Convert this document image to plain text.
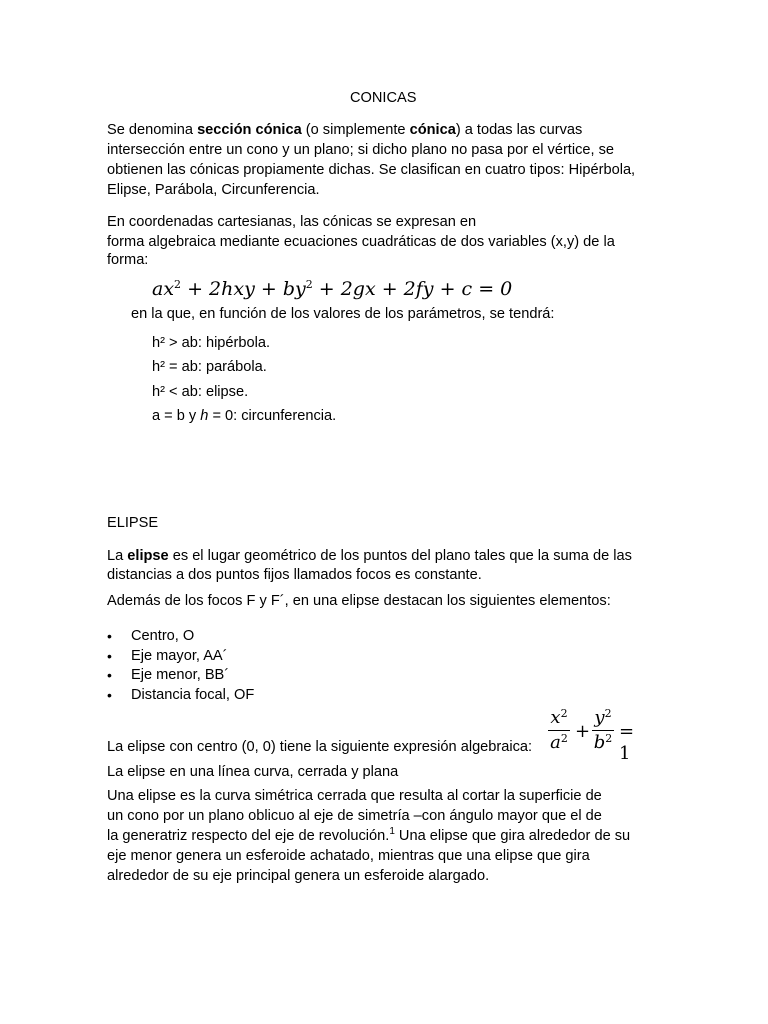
CONICAS
Se denomina sección cónica (o simplemente cónica) a todas las curvas
intersección entre un cono y un plano; si dicho plano no pasa por el vértice, se
obtienen las cónicas propiamente dichas. Se clasifican en cuatro tipos: Hipérbola,
Elipse, Parábola, Circunferencia.
En coordenadas cartesianas, las cónicas se expresan en
forma algebraica mediante ecuaciones cuadráticas de dos variables (x,y) de la
forma:
$ax^2 + 2hxy + by^2 + 2gx + 2fy + c = 0$
en la que, en función de los valores de los parámetros, se tendrá:
h² > ab: hipérbola.
h² = ab: parábola.
h² < ab: elipse.
a = b y h = 0: circunferencia.
ELIPSE
La elipse es el lugar geométrico de los puntos del plano tales que la suma de las
distancias a dos puntos fijos llamados focos es constante.
Además de los focos F y F´, en una elipse destacan los siguientes elementos:
• Centro, O
• Eje mayor, AA´
• Eje menor, BB´
• Distancia focal, OF
La elipse con centro (0, 0) tiene la siguiente expresión algebraica:
$x^2$
$a^2$ +
$y^2$
$b^2 = 1$
La elipse en una línea curva, cerrada y plana
Una elipse es la curva simétrica cerrada que resulta al cortar la superficie de
un cono por un plano oblicuo al eje de simetría –con ángulo mayor que el de
la generatriz respecto del eje de revolución.$^1$ Una elipse que gira alrededor de su
eje menor genera un esferoide achatado, mientras que una elipse que gira
alrededor de su eje principal genera un esferoide alargado.
